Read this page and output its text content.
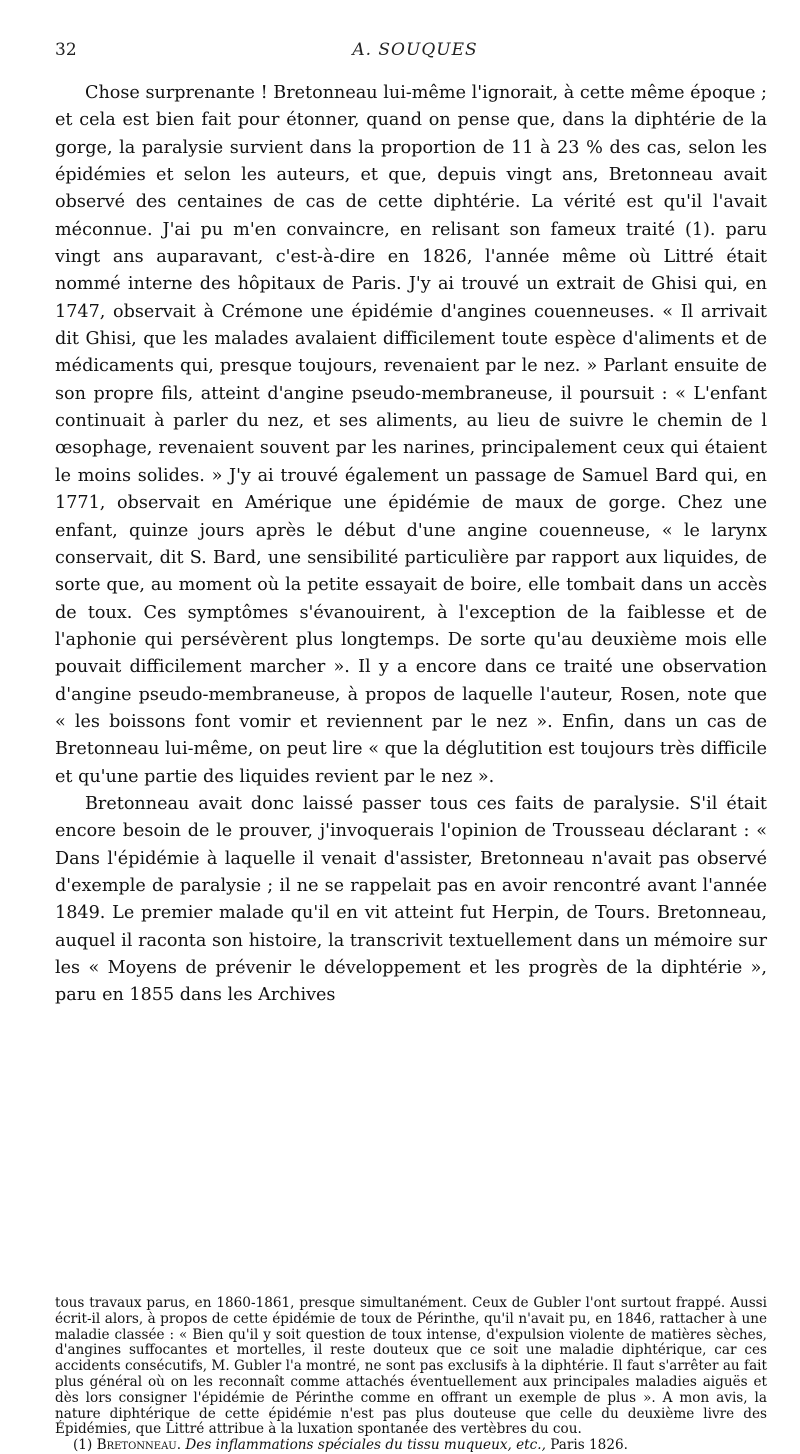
32	A. SOUQUES

Chose surprenante ! Bretonneau lui-même l'ignorait, à cette même époque ; et cela est bien fait pour étonner, quand on pense que, dans la diphtérie de la gorge, la paralysie survient dans la proportion de 11 à 23 % des cas, selon les épidémies et selon les auteurs, et que, depuis vingt ans, Bretonneau avait observé des centaines de cas de cette diphtérie. La vérité est qu'il l'avait méconnue. J'ai pu m'en convaincre, en relisant son fameux traité (1). paru vingt ans auparavant, c'est-à-dire en 1826, l'année même où Littré était nommé interne des hôpitaux de Paris. J'y ai trouvé un extrait de Ghisi qui, en 1747, observait à Crémone une épidémie d'angines couenneuses. « Il arrivait dit Ghisi, que les malades avalaient difficilement toute espèce d'aliments et de médicaments qui, presque toujours, revenaient par le nez. » Parlant ensuite de son propre fils, atteint d'angine pseudo-membraneuse, il poursuit : « L'enfant continuait à parler du nez, et ses aliments, au lieu de suivre le chemin de l œsophage, revenaient souvent par les narines, principalement ceux qui étaient le moins solides. » J'y ai trouvé également un passage de Samuel Bard qui, en 1771, observait en Amérique une épidémie de maux de gorge. Chez une enfant, quinze jours après le début d'une angine couenneuse, « le larynx conservait, dit S. Bard, une sensibilité particulière par rapport aux liquides, de sorte que, au moment où la petite essayait de boire, elle tombait dans un accès de toux. Ces symptômes s'évanouirent, à l'exception de la faiblesse et de l'aphonie qui persévèrent plus longtemps. De sorte qu'au deuxième mois elle pouvait difficilement marcher ». Il y a encore dans ce traité une observation d'angine pseudo-membraneuse, à propos de laquelle l'auteur, Rosen, note que « les boissons font vomir et reviennent par le nez ». Enfin, dans un cas de Bretonneau lui-même, on peut lire « que la déglutition est toujours très difficile et qu'une partie des liquides revient par le nez ».

Bretonneau avait donc laissé passer tous ces faits de paralysie. S'il était encore besoin de le prouver, j'invoquerais l'opinion de Trousseau déclarant : « Dans l'épidémie à laquelle il venait d'assister, Bretonneau n'avait pas observé d'exemple de paralysie ; il ne se rappelait pas en avoir rencontré avant l'année 1849. Le premier malade qu'il en vit atteint fut Herpin, de Tours. Bretonneau, auquel il raconta son histoire, la transcrivit textuellement dans un mémoire sur les « Moyens de prévenir le développement et les progrès de la diphtérie », paru en 1855 dans les Archives

tous travaux parus, en 1860-1861, presque simultanément. Ceux de Gubler l'ont surtout frappé. Aussi écrit-il alors, à propos de cette épidémie de toux de Périnthe, qu'il n'avait pu, en 1846, rattacher à une maladie classée : « Bien qu'il y soit question de toux intense, d'expulsion violente de matières sèches, d'angines suffocantes et mortelles, il reste douteux que ce soit une maladie diphtérique, car ces accidents consécutifs, M. Gubler l'a montré, ne sont pas exclusifs à la diphtérie. Il faut s'arrêter au fait plus général où on les reconnaît comme attachés éventuellement aux principales maladies aiguës et dès lors consigner l'épidémie de Périnthe comme en offrant un exemple de plus ». A mon avis, la nature diphtérique de cette épidémie n'est pas plus douteuse que celle du deuxième livre des Épidémies, que Littré attribue à la luxation spontanée des vertèbres du cou.

(1) Bretonneau. Des inflammations spéciales du tissu muqueux, etc., Paris 1826.
